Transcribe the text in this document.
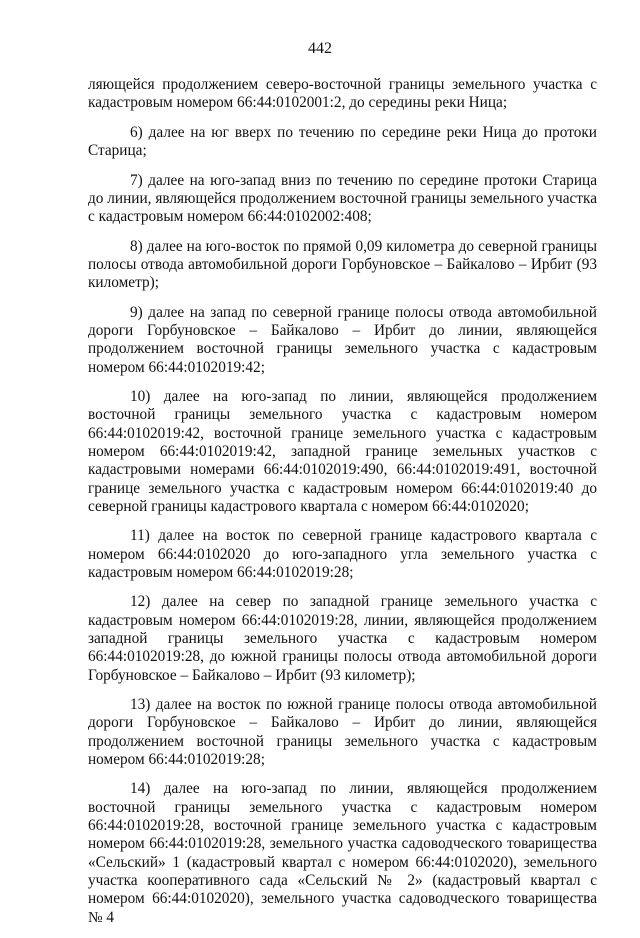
442

ляющейся продолжением северо-восточной границы земельного участка с кадастровым номером 66:44:0102001:2, до середины реки Ница;

6) далее на юг вверх по течению по середине реки Ница до протоки Старица;

7) далее на юго-запад вниз по течению по середине протоки Старица до линии, являющейся продолжением восточной границы земельного участка с кадастровым номером 66:44:0102002:408;

8) далее на юго-восток по прямой 0,09 километра до северной границы полосы отвода автомобильной дороги Горбуновское – Байкалово – Ирбит (93 километр);

9) далее на запад по северной границе полосы отвода автомобильной дороги Горбуновское – Байкалово – Ирбит до линии, являющейся продолжением восточной границы земельного участка с кадастровым номером 66:44:0102019:42;

10) далее на юго-запад по линии, являющейся продолжением восточной границы земельного участка с кадастровым номером 66:44:0102019:42, восточной границе земельного участка с кадастровым номером 66:44:0102019:42, западной границе земельных участков с кадастровыми номерами 66:44:0102019:490, 66:44:0102019:491, восточной границе земельного участка с кадастровым номером 66:44:0102019:40 до северной границы кадастрового квартала с номером 66:44:0102020;

11) далее на восток по северной границе кадастрового квартала с номером 66:44:0102020 до юго-западного угла земельного участка с кадастровым номером 66:44:0102019:28;

12) далее на север по западной границе земельного участка с кадастровым номером 66:44:0102019:28, линии, являющейся продолжением западной границы земельного участка с кадастровым номером 66:44:0102019:28, до южной границы полосы отвода автомобильной дороги Горбуновское – Байкалово – Ирбит (93 километр);

13) далее на восток по южной границе полосы отвода автомобильной дороги Горбуновское – Байкалово – Ирбит до линии, являющейся продолжением восточной границы земельного участка с кадастровым номером 66:44:0102019:28;

14) далее на юго-запад по линии, являющейся продолжением восточной границы земельного участка с кадастровым номером 66:44:0102019:28, восточной границе земельного участка с кадастровым номером 66:44:0102019:28, земельного участка садоводческого товарищества «Сельский» 1 (кадастровый квартал с номером 66:44:0102020), земельного участка кооперативного сада «Сельский № 2» (кадастровый квартал с номером 66:44:0102020), земельного участка садоводческого товарищества № 4
